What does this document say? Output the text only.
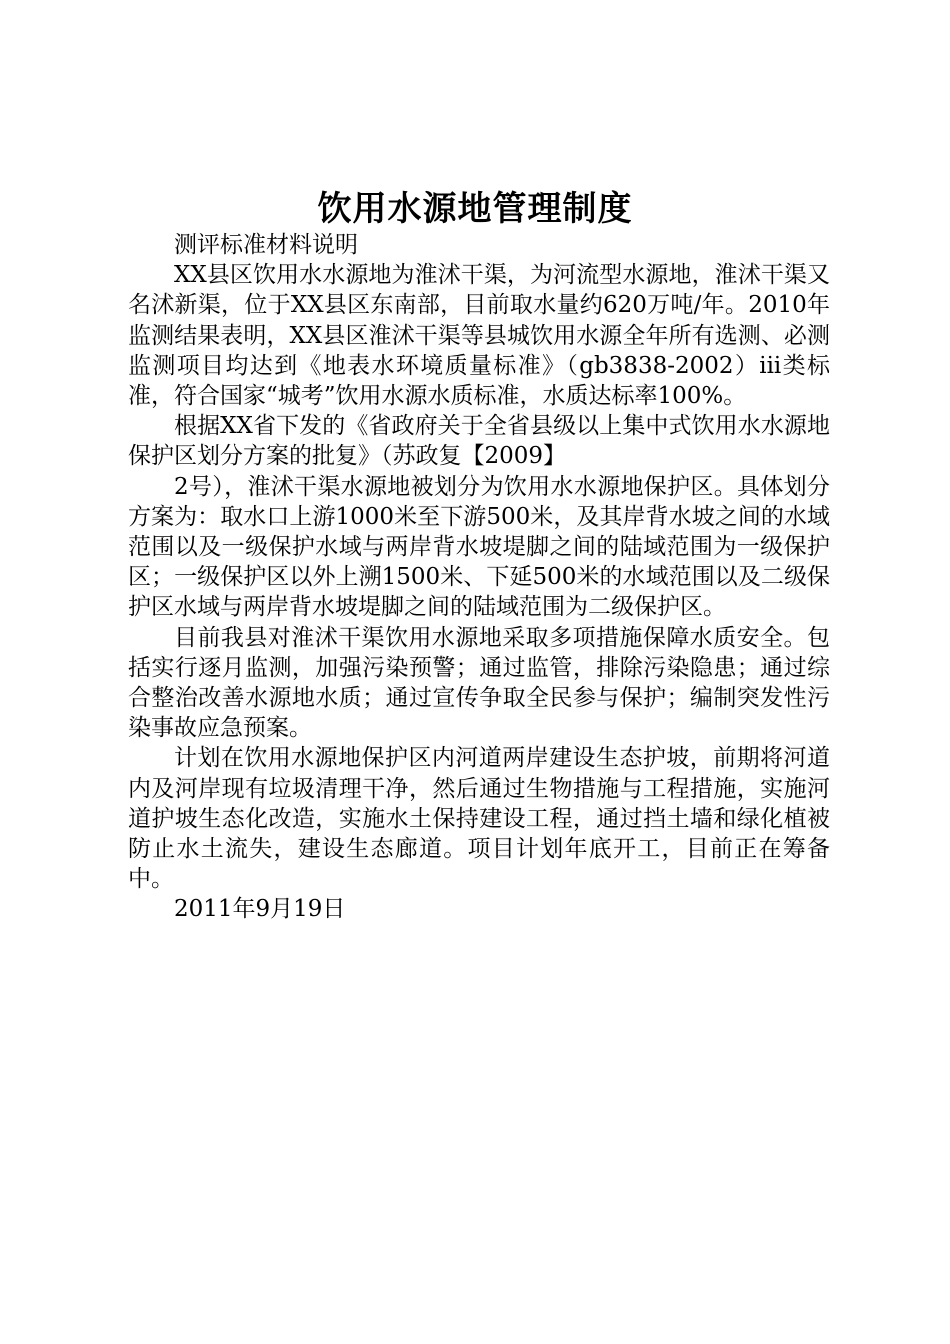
饮用水源地管理制度

测评标准材料说明

XX县区饮用水水源地为淮沭干渠，为河流型水源地，淮沭干渠又名沭新渠，位于XX县区东南部，目前取水量约620万吨/年。2010年监测结果表明，XX县区淮沭干渠等县城饮用水源全年所有选测、必测监测项目均达到《地表水环境质量标准》（gb3838-2002）iii类标准，符合国家“城考”饮用水源水质标准，水质达标率100%。

根据XX省下发的《省政府关于全省县级以上集中式饮用水水源地保护区划分方案的批复》（苏政复【2009】

2号），淮沭干渠水源地被划分为饮用水水源地保护区。具体划分方案为：取水口上游1000米至下游500米，及其岸背水坡之间的水域范围以及一级保护水域与两岸背水坡堤脚之间的陆域范围为一级保护区；一级保护区以外上溯1500米、下延500米的水域范围以及二级保护区水域与两岸背水坡堤脚之间的陆域范围为二级保护区。

目前我县对淮沭干渠饮用水源地采取多项措施保障水质安全。包括实行逐月监测，加强污染预警；通过监管，排除污染隐患；通过综合整治改善水源地水质；通过宣传争取全民参与保护；编制突发性污染事故应急预案。

计划在饮用水源地保护区内河道两岸建设生态护坡，前期将河道内及河岸现有垃圾清理干净，然后通过生物措施与工程措施，实施河道护坡生态化改造，实施水土保持建设工程，通过挡土墙和绿化植被防止水土流失，建设生态廊道。项目计划年底开工，目前正在筹备中。

2011年9月19日
